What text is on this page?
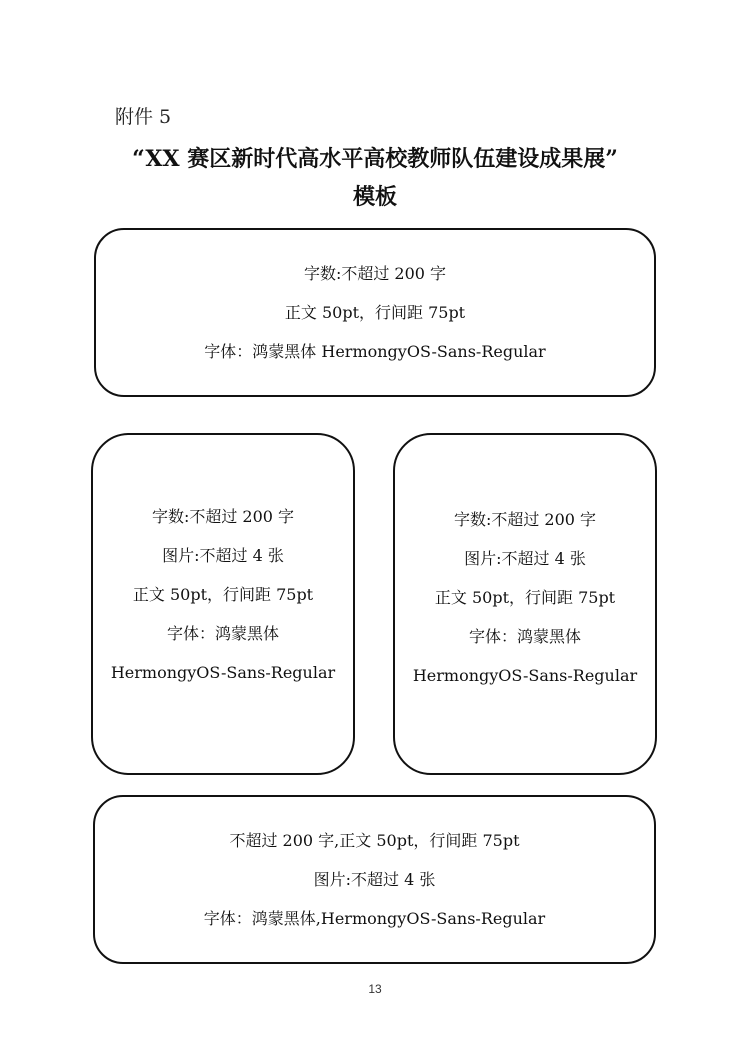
附件 5
“XX 赛区新时代高水平高校教师队伍建设成果展”
模板
字数:不超过 200 字
正文 50pt，行间距 75pt
字体：鸿蒙黑体 HermongyOS-Sans-Regular
字数:不超过 200 字
图片:不超过 4 张
正文 50pt，行间距 75pt
字体：鸿蒙黑体
HermongyOS-Sans-Regular
字数:不超过 200 字
图片:不超过 4 张
正文 50pt，行间距 75pt
字体：鸿蒙黑体
HermongyOS-Sans-Regular
不超过 200 字,正文 50pt，行间距 75pt
图片:不超过 4 张
字体：鸿蒙黑体,HermongyOS-Sans-Regular
13
